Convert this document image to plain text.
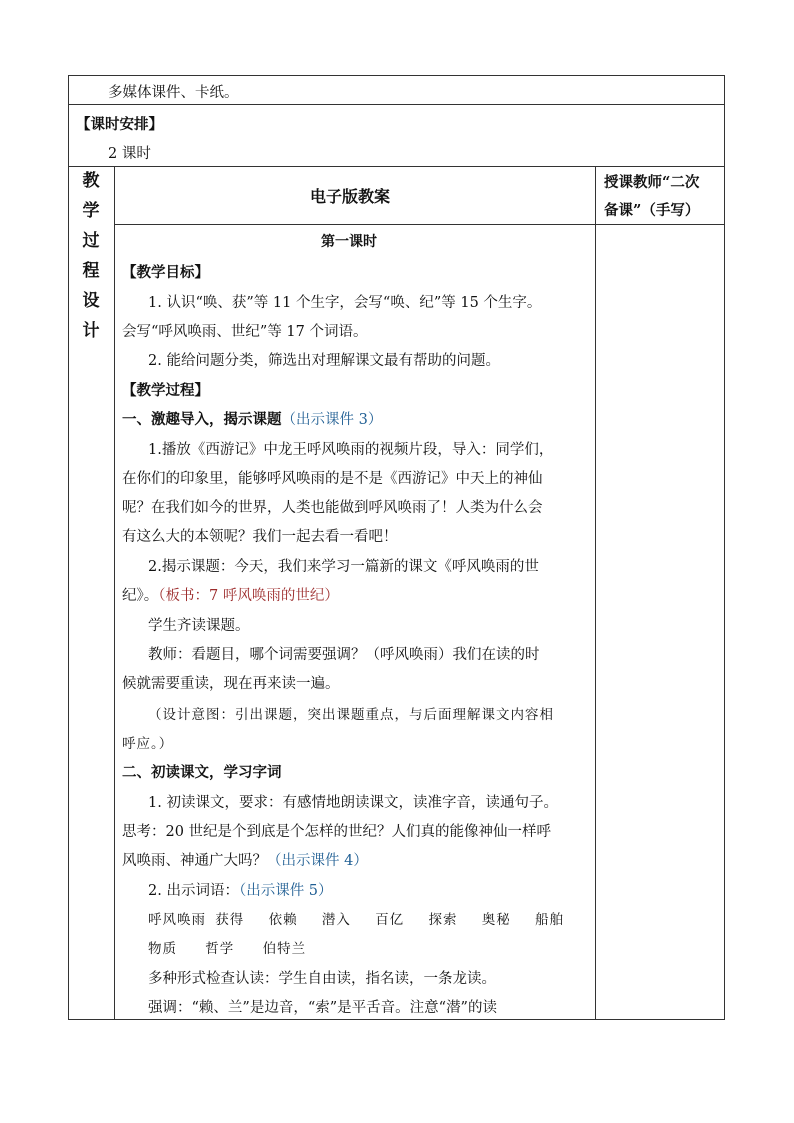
多媒体课件、卡纸。
【课时安排】
2 课时
教
学
过
程
设
计
电子版教案
授课教师“二次
备课”（手写）
第一课时
【教学目标】
1. 认识“唤、获”等 11 个生字，会写“唤、纪”等 15 个生字。
会写“呼风唤雨、世纪”等 17 个词语。
2. 能给问题分类，筛选出对理解课文最有帮助的问题。
【教学过程】
一、激趣导入，揭示课题（出示课件 3）
1.播放《西游记》中龙王呼风唤雨的视频片段，导入：同学们，
在你们的印象里，能够呼风唤雨的是不是《西游记》中天上的神仙
呢？在我们如今的世界，人类也能做到呼风唤雨了！人类为什么会
有这么大的本领呢？我们一起去看一看吧！
2.揭示课题：今天，我们来学习一篇新的课文《呼风唤雨的世
纪》。（板书：7 呼风唤雨的世纪）
学生齐读课题。
教师：看题目，哪个词需要强调？（呼风唤雨）我们在读的时
候就需要重读，现在再来读一遍。
（设计意图：引出课题，突出课题重点，与后面理解课文内容相
呼应。）
二、初读课文，学习字词
1. 初读课文，要求：有感情地朗读课文，读准字音，读通句子。
思考：20 世纪是个到底是个怎样的世纪？人们真的能像神仙一样呼
风唤雨、神通广大吗？（出示课件 4）
2. 出示词语：（出示课件 5）
呼风唤雨 获得 依赖 潜入 百亿 探索 奥秘 船舶
物质 哲学 伯特兰
多种形式检查认读：学生自由读，指名读，一条龙读。
强调：“赖、兰”是边音，“索”是平舌音。注意“潜”的读
